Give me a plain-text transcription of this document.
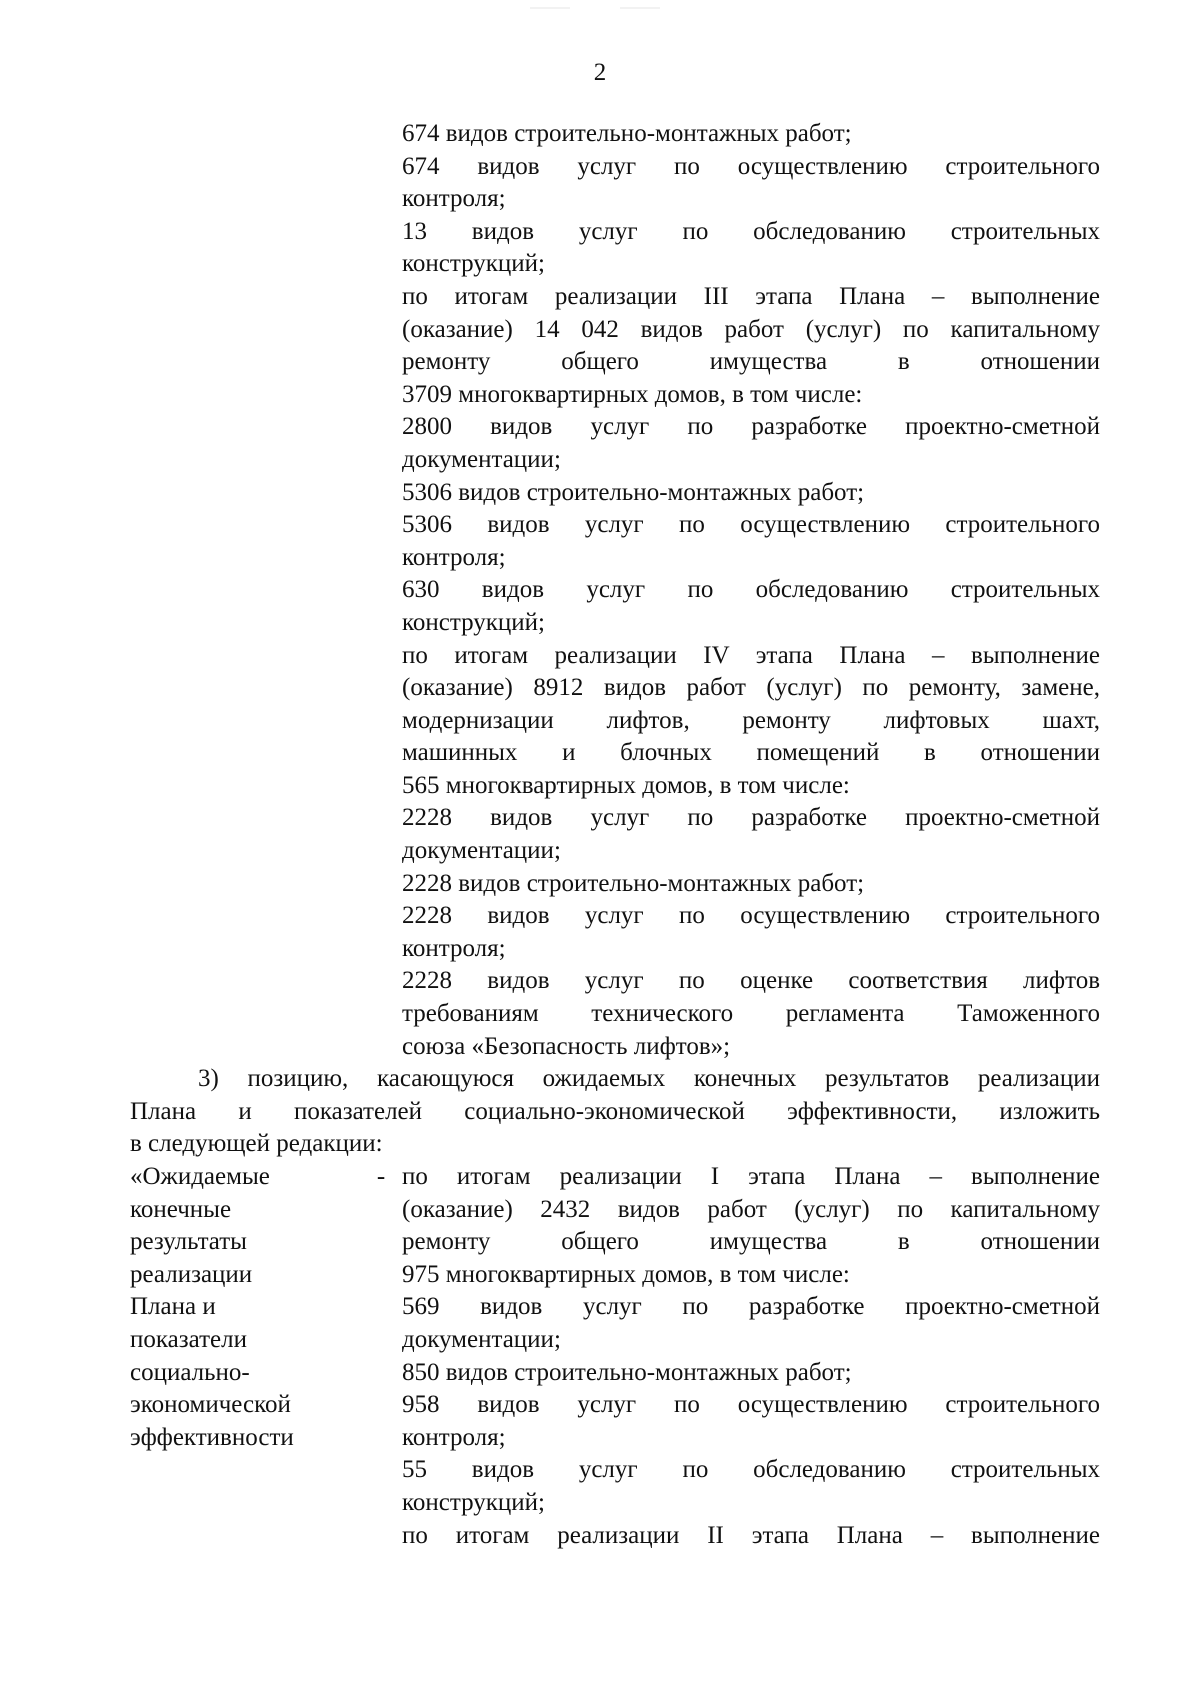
2
674 видов строительно-монтажных работ;
674 видов услуг по осуществлению строительного
контроля;
13 видов услуг по обследованию строительных
конструкций;
по итогам реализации III этапа Плана – выполнение
(оказание) 14 042 видов работ (услуг) по капитальному
ремонту общего имущества в отношении
3709 многоквартирных домов, в том числе:
2800 видов услуг по разработке проектно-сметной
документации;
5306 видов строительно-монтажных работ;
5306 видов услуг по осуществлению строительного
контроля;
630 видов услуг по обследованию строительных
конструкций;
по итогам реализации IV этапа Плана – выполнение
(оказание) 8912 видов работ (услуг) по ремонту, замене,
модернизации лифтов, ремонту лифтовых шахт,
машинных и блочных помещений в отношении
565 многоквартирных домов, в том числе:
2228 видов услуг по разработке проектно-сметной
документации;
2228 видов строительно-монтажных работ;
2228 видов услуг по осуществлению строительного
контроля;
2228 видов услуг по оценке соответствия лифтов
требованиям технического регламента Таможенного
союза «Безопасность лифтов»;
3) позицию, касающуюся ожидаемых конечных результатов реализации
Плана и показателей социально-экономической эффективности, изложить
в следующей редакции:
«Ожидаемые
конечные
результаты
реализации
Плана и
показатели
социально-
экономической
эффективности
- по итогам реализации I этапа Плана – выполнение
(оказание) 2432 видов работ (услуг) по капитальному
ремонту общего имущества в отношении
975 многоквартирных домов, в том числе:
569 видов услуг по разработке проектно-сметной
документации;
850 видов строительно-монтажных работ;
958 видов услуг по осуществлению строительного
контроля;
55 видов услуг по обследованию строительных
конструкций;
по итогам реализации II этапа Плана – выполнение
